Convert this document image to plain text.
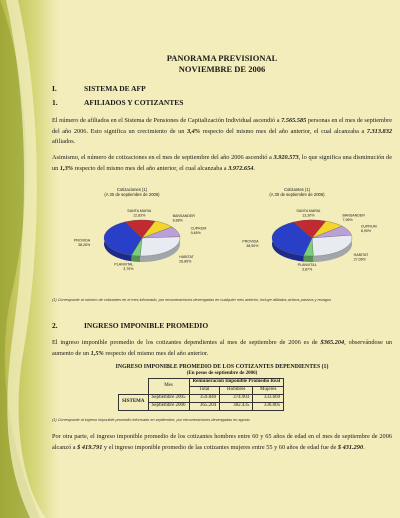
PANORAMA PREVISIONAL
NOVIEMBRE DE 2006
I.	SISTEMA DE AFP
1.	AFILIADOS Y COTIZANTES
El número de afiliados en el Sistema de Pensiones de Capitalización Individual ascendió a 7.565.585 personas en el mes de septiembre del año 2006. Esto significa un crecimiento de un 3,4% respecto del mismo mes del año anterior, el cual alcanzaba a 7.313.832 afiliados.
Asimismo, el número de cotizaciones en el mes de septiembre del año 2006 ascendió a 3.920.573, lo que significa una disminución de un 1,3% respecto del mismo mes del año anterior, el cual alcanzaba a 3.972.654.
Cotizaciones (1)
(A 30 de septiembre de 2006)
BANSANDER
8,88%
CUPRUM
9,48%
HABITAT
26,85%
PLANVITAL
3,75%
PROVIDA
38,26%
SANTA MARIA
12,83%
Cotizantes (1)
(A 30 de septiembre de 2006)
BANSANDER
7,96%
CUPRUM
8,90%
HABITAT
27,06%
PLANVITAL
3,87%
PROVIDA
38,90%
SANTA MARIA
13,30%
(1) Corresponde al número de cotizantes en el mes informado, por remuneraciones devengadas en cualquier mes anterior, incluye afiliados activos pasivos y rezagos
2.	INGRESO IMPONIBLE PROMEDIO
El ingreso imponible promedio de los cotizantes dependientes al mes de septiembre de 2006 es de $365.204, observándose un aumento de un 1,5% respecto del mismo mes del año anterior.
INGRESO IMPONIBLE PROMEDIO DE LOS COTIZANTES DEPENDIENTES (1)
(En pesos de septiembre de 2006)
	Mes	Remuneración Imponible Promedio Real		
		Total	Hombres	Mujeres
SISTEMA	Septiembre 2005	359.840	374.903	333.669
	Septiembre 2006	365.204	382.435	336.005
(1) Corresponde al ingreso imponible promedio informado en septiembre, por remuneraciones devengadas en agosto
Por otra parte, el ingreso imponible promedio de los cotizantes hombres entre 60 y 65 años de edad en el mes de septiembre de 2006 alcanzó a $ 419.791 y el ingreso imponible promedio de las cotizantes mujeres entre 55 y 60 años de edad fue de $ 431.290.
